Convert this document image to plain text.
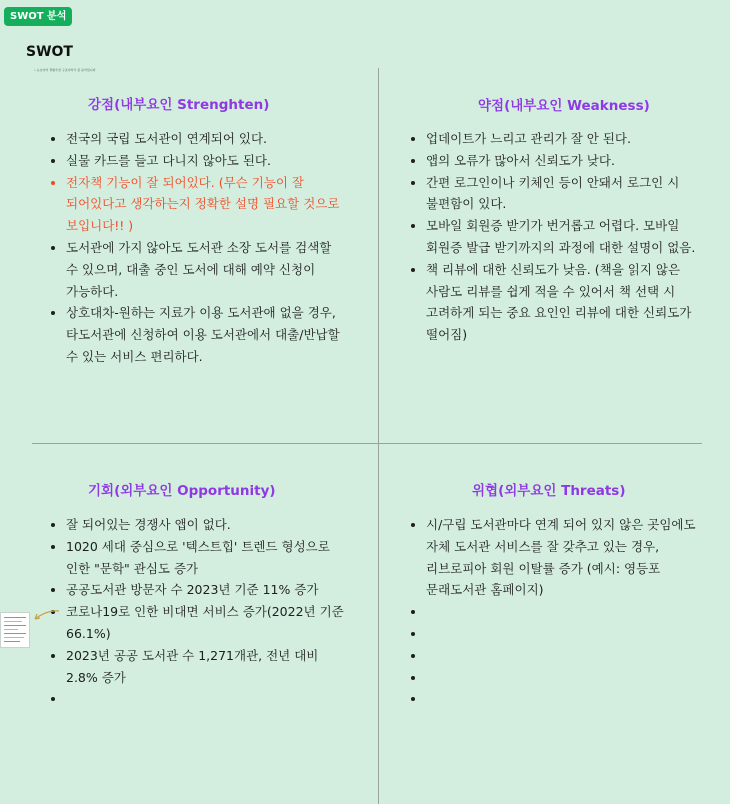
SWOT 분석
SWOT
• 뉴보이어 경험우선 구조이라기 된 분석입니다
강점(내부요인 Strenghten)
• 전국의 국립 도서관이 연계되어 있다.
• 실물 카드를 들고 다니지 않아도 된다.
• 전자책 기능이 잘 되어있다. (무슨 기능이 잘 되어있다고 생각하는지 정확한 설명 필요할 것으로 보입니다!! )
• 도서관에 가지 않아도 도서관 소장 도서를 검색할 수 있으며, 대출 중인 도서에 대해 예약 신청이 가능하다.
• 상호대차-원하는 지료가 이용 도서관애 없을 경우, 타도서관에 신청하여 이용 도서관에서 대출/반납할 수 있는 서비스 편리하다.
약점(내부요인 Weakness)
• 업데이트가 느리고 관리가 잘 안 된다.
• 앱의 오류가 많아서 신뢰도가 낮다.
• 간편 로그인이나 키체인 등이 안돼서 로그인 시 불편함이 있다.
• 모바일 회원증 받기가 번거롭고 어렵다. 모바일 회원증 발급 받기까지의 과정에 대한 설명이 없음.
• 책 리뷰에 대한 신뢰도가 낮음. (책을 읽지 않은 사람도 리뷰를 쉽게 적을 수 있어서 책 선택 시 고려하게 되는 중요 요인인 리뷰에 대한 신뢰도가 떨어짐)
기회(외부요인 Opportunity)
• 잘 되어있는 경쟁사 앱이 없다.
• 1020 세대 중심으로 '텍스트힙' 트렌드 형성으로 인한 "문학" 관심도 증가
• 공공도서관 방문자 수 2023년 기준 11% 증가
• 코로나19로 인한 비대면 서비스 증가(2022년 기준 66.1%)
• 2023년 공공 도서관 수 1,271개관, 전년 대비 2.8% 증가
•
위협(외부요인 Threats)
• 시/구립 도서관마다 연계 되어 있지 않은 곳임에도 자체 도서관 서비스를 잘 갖추고 있는 경우, 리브로피아 회원 이탈률 증가 (예시: 영등포 문래도서관 홈페이지)
•
•
•
•
•
